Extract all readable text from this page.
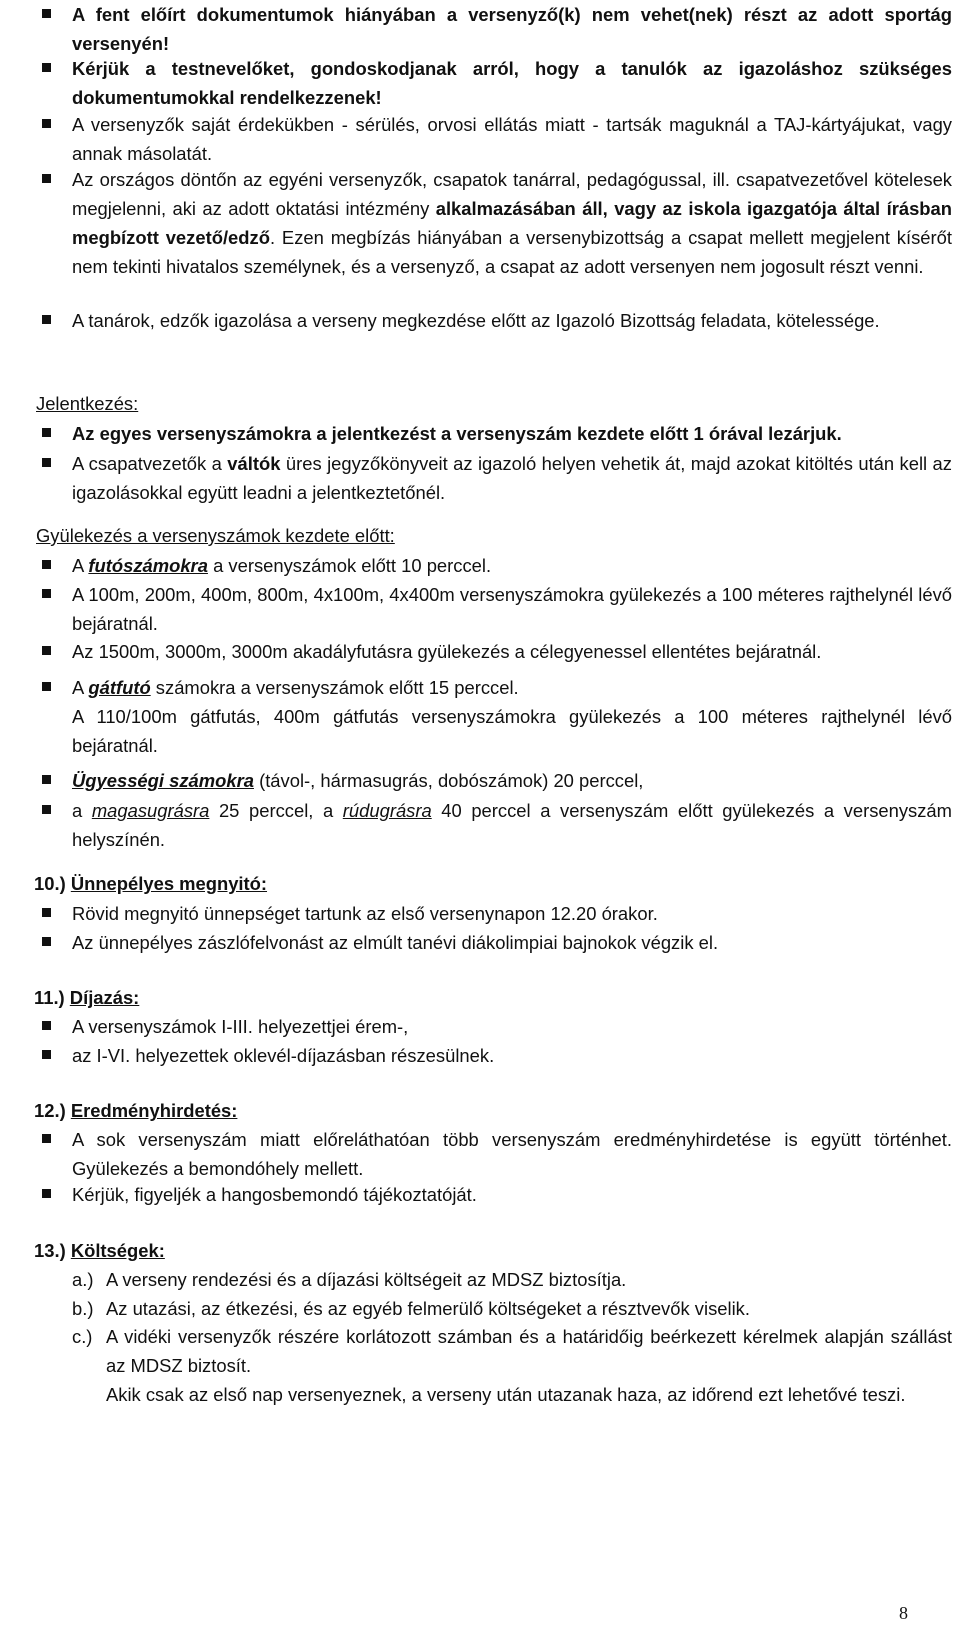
A fent előírt dokumentumok hiányában a versenyző(k) nem vehet(nek) részt az adott sportág versenyén!
Kérjük a testnevelőket, gondoskodjanak arról, hogy a tanulók az igazoláshoz szükséges dokumentumokkal rendelkezzenek!
A versenyzők saját érdekükben - sérülés, orvosi ellátás miatt - tartsák maguknál a TAJ-kártyájukat, vagy annak másolatát.
Az országos döntőn az egyéni versenyzők, csapatok tanárral, pedagógussal, ill. csapatvezetővel kötelesek megjelenni, aki az adott oktatási intézmény alkalmazásában áll, vagy az iskola igazgatója által írásban megbízott vezető/edző. Ezen megbízás hiányában a versenybizottság a csapat mellett megjelent kísérőt nem tekinti hivatalos személynek, és a versenyző, a csapat az adott versenyen nem jogosult részt venni.
A tanárok, edzők igazolása a verseny megkezdése előtt az Igazoló Bizottság feladata, kötelessége.
Jelentkezés:
Az egyes versenyszámokra a jelentkezést a versenyszám kezdete előtt 1 órával lezárjuk.
A csapatvezetők a váltók üres jegyzőkönyveit az igazoló helyen vehetik át, majd azokat kitöltés után kell az igazolásokkal együtt leadni a jelentkeztetőnél.
Gyülekezés a versenyszámok kezdete előtt:
A futószámokra a versenyszámok előtt 10 perccel.
A 100m, 200m, 400m, 800m, 4x100m, 4x400m versenyszámokra gyülekezés a 100 méteres rajthelynél lévő bejáratnál.
Az 1500m, 3000m, 3000m akadályfutásra gyülekezés a célegyenessel ellentétes bejáratnál.
A gátfutó számokra a versenyszámok előtt 15 perccel.
A 110/100m gátfutás, 400m gátfutás versenyszámokra gyülekezés a 100 méteres rajthelynél lévő bejáratnál.
Ügyességi számokra (távol-, hármasugrás, dobószámok) 20 perccel,
a magasugrásra 25 perccel, a rúdugrásra 40 perccel a versenyszám előtt gyülekezés a versenyszám helyszínén.
10.) Ünnepélyes megnyitó:
Rövid megnyitó ünnepséget tartunk az első versenynapon 12.20 órakor.
Az ünnepélyes zászlófelvonást az elmúlt tanévi diákolimpiai bajnokok végzik el.
11.) Díjazás:
A versenyszámok I-III. helyezettjei érem-,
az I-VI. helyezettek oklevél-díjazásban részesülnek.
12.) Eredményhirdetés:
A sok versenyszám miatt előreláthatóan több versenyszám eredményhirdetése is együtt történhet. Gyülekezés a bemondóhely mellett.
Kérjük, figyeljék a hangosbemondó tájékoztatóját.
13.) Költségek:
a.) A verseny rendezési és a díjazási költségeit az MDSZ biztosítja.
b.) Az utazási, az étkezési, és az egyéb felmerülő költségeket a résztvevők viselik.
c.) A vidéki versenyzők részére korlátozott számban és a határidőig beérkezett kérelmek alapján szállást az MDSZ biztosít.
Akik csak az első nap versenyeznek, a verseny után utazanak haza, az időrend ezt lehetővé teszi.
8
